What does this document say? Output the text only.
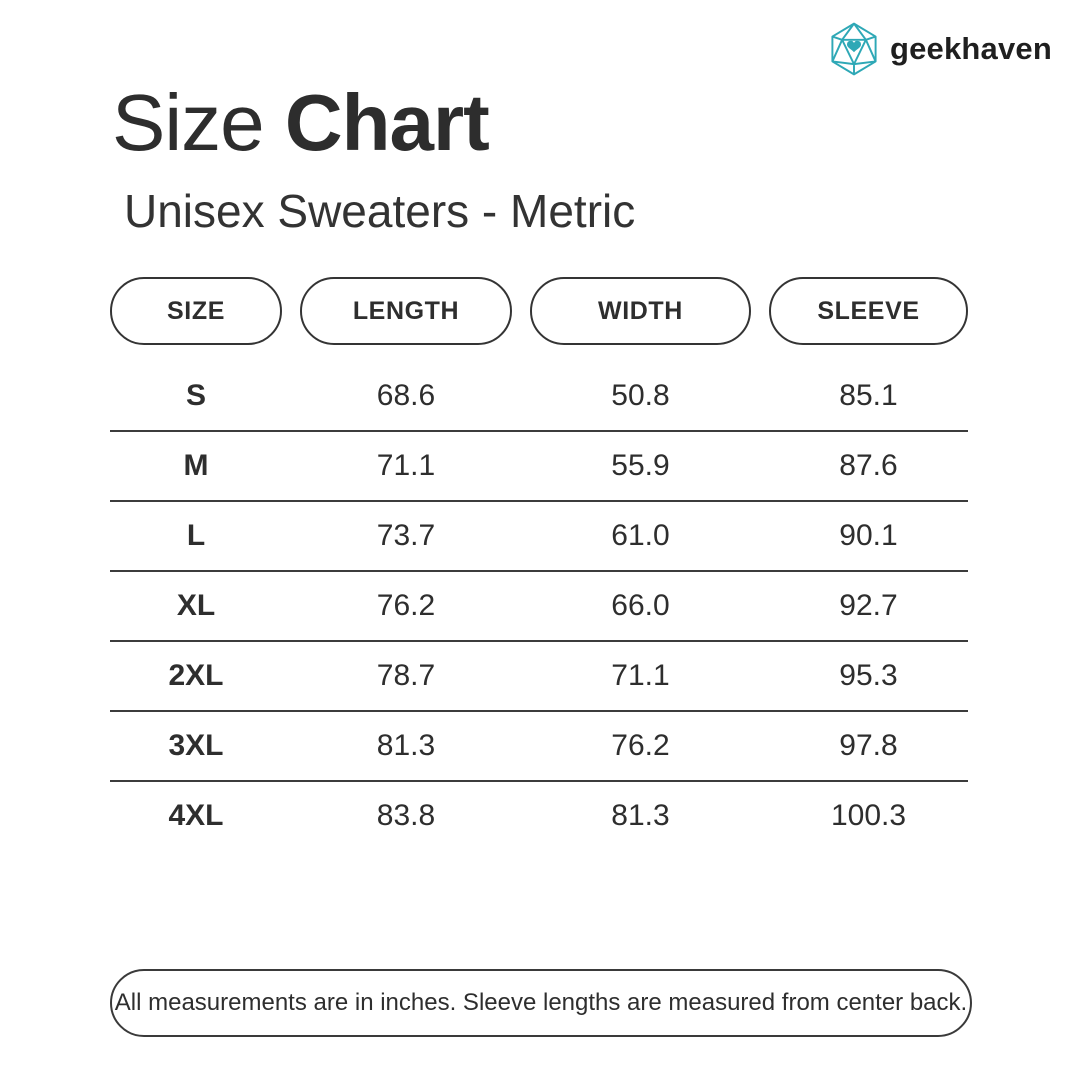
geekhaven
Size Chart
Unisex Sweaters - Metric
SIZE	LENGTH	WIDTH	SLEEVE
S	68.6	50.8	85.1
M	71.1	55.9	87.6
L	73.7	61.0	90.1
XL	76.2	66.0	92.7
2XL	78.7	71.1	95.3
3XL	81.3	76.2	97.8
4XL	83.8	81.3	100.3
All measurements are in inches. Sleeve lengths are measured from center back.
